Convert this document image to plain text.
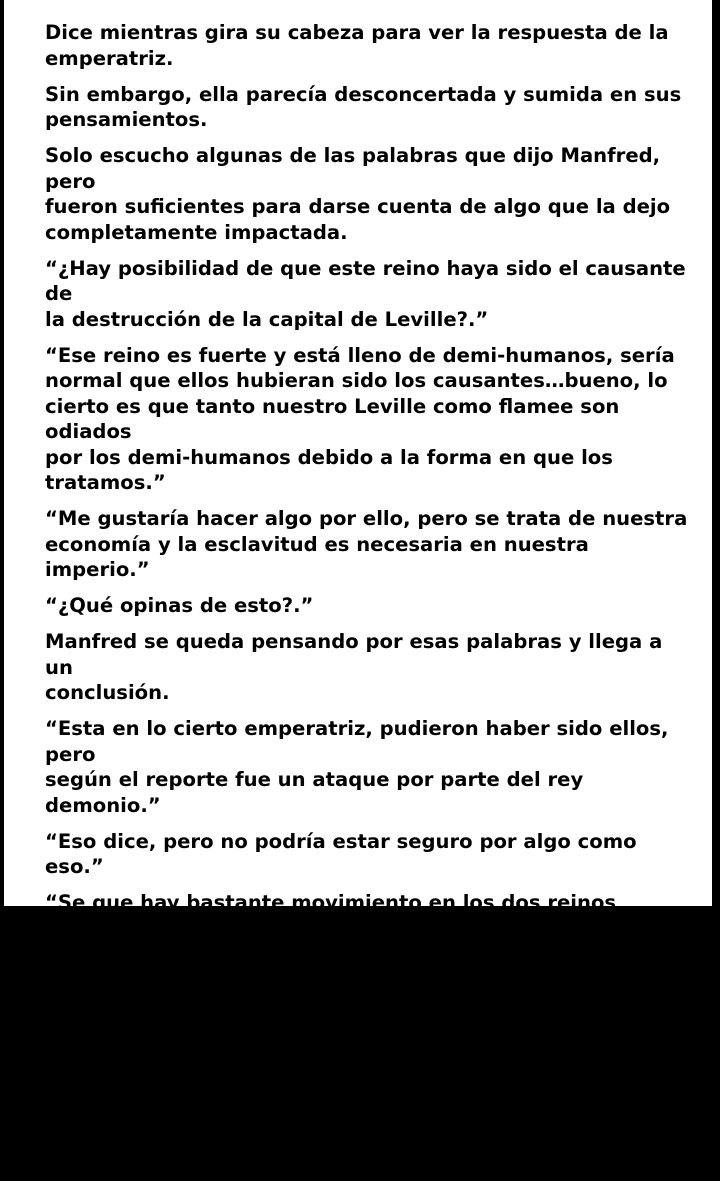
Dice mientras gira su cabeza para ver la respuesta de la
emperatriz.

Sin embargo, ella parecía desconcertada y sumida en sus
pensamientos.

Solo escucho algunas de las palabras que dijo Manfred, pero
fueron suficientes para darse cuenta de algo que la dejo
completamente impactada.

“¿Hay posibilidad de que este reino haya sido el causante de
la destrucción de la capital de Leville?.”

“Ese reino es fuerte y está lleno de demi-humanos, sería
normal que ellos hubieran sido los causantes…bueno, lo
cierto es que tanto nuestro Leville como flamee son odiados
por los demi-humanos debido a la forma en que los tratamos.”

“Me gustaría hacer algo por ello, pero se trata de nuestra
economía y la esclavitud es necesaria en nuestra imperio.”

“¿Qué opinas de esto?.”

Manfred se queda pensando por esas palabras y llega a un
conclusión.

“Esta en lo cierto emperatriz, pudieron haber sido ellos, pero
según el reporte fue un ataque por parte del rey demonio.”

“Eso dice, pero no podría estar seguro por algo como eso.”

“Se que hay bastante movimiento en los dos reinos demonios,
pero no creo que se preocupen mucho en provocar ataques
por estos lares, cuando hay problemas internos por haya, así
que creo que su hipótesis puede ser acertada.”

La emperatriz se alegro de que su amigo estuviera de
acuerdo, pero también se enojo un poco al saber que le faltó
decir a Manfred eso del rey demonio.
